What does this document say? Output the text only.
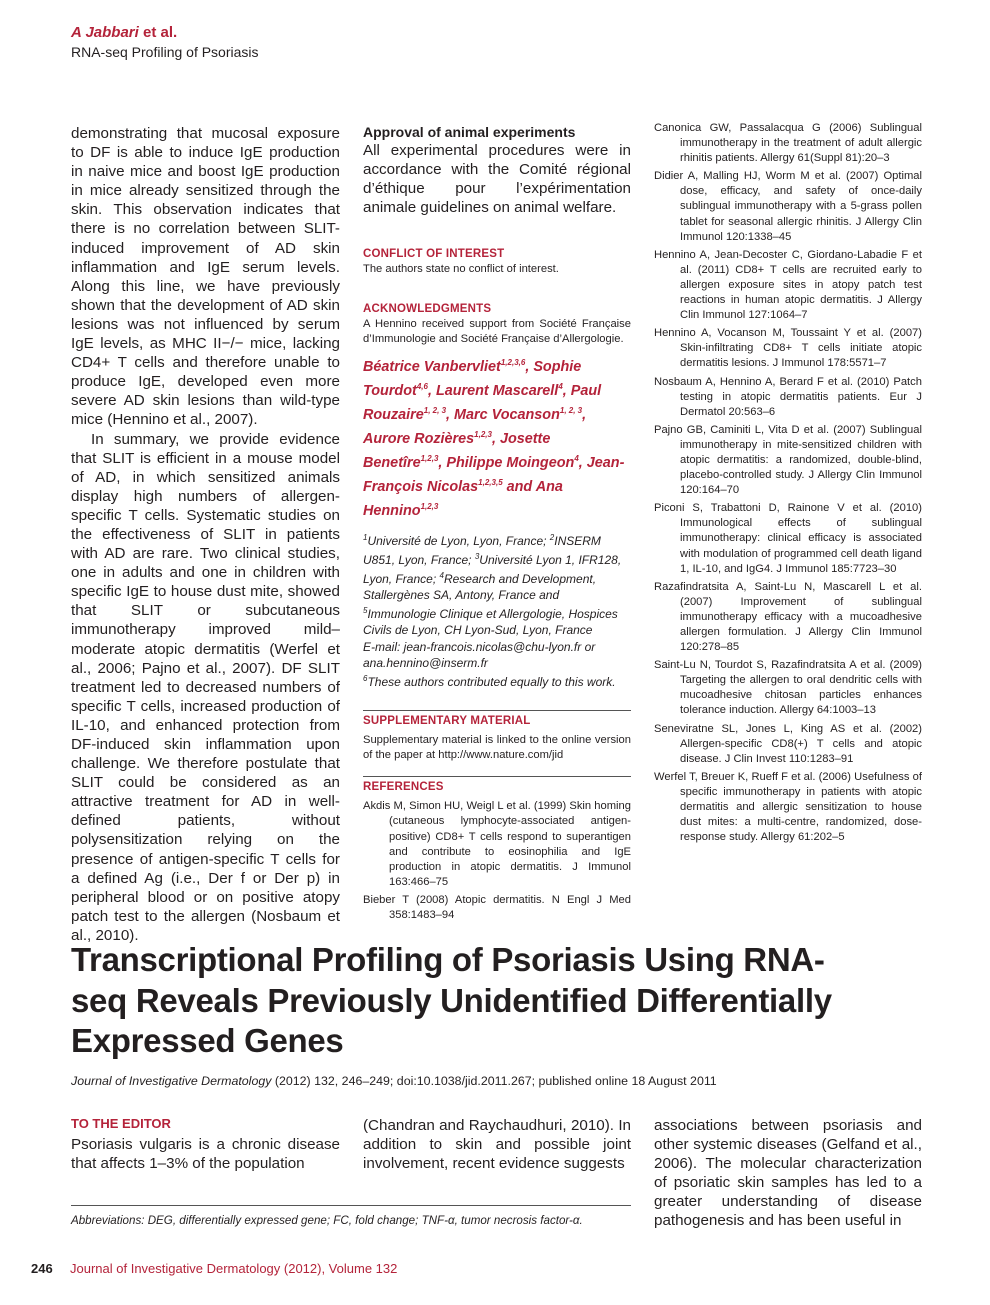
A Jabbari et al.
RNA-seq Profiling of Psoriasis

demonstrating that mucosal exposure to DF is able to induce IgE production in naive mice and boost IgE production in mice already sensitized through the skin. This observation indicates that there is no correlation between SLIT-induced improvement of AD skin inflammation and IgE serum levels. Along this line, we have previously shown that the development of AD skin lesions was not influenced by serum IgE levels, as MHC II−/− mice, lacking CD4+ T cells and therefore unable to produce IgE, developed even more severe AD skin lesions than wild-type mice (Hennino et al., 2007).

In summary, we provide evidence that SLIT is efficient in a mouse model of AD, in which sensitized animals display high numbers of allergen-specific T cells. Systematic studies on the effectiveness of SLIT in patients with AD are rare. Two clinical studies, one in adults and one in children with specific IgE to house dust mite, showed that SLIT or subcutaneous immunotherapy improved mild–moderate atopic dermatitis (Werfel et al., 2006; Pajno et al., 2007). DF SLIT treatment led to decreased numbers of specific T cells, increased production of IL-10, and enhanced protection from DF-induced skin inflammation upon challenge. We therefore postulate that SLIT could be considered as an attractive treatment for AD in well-defined patients, without polysensitization relying on the presence of antigen-specific T cells for a defined Ag (i.e., Der f or Der p) in peripheral blood or on positive atopy patch test to the allergen (Nosbaum et al., 2010).

Approval of animal experiments
All experimental procedures were in accordance with the Comité régional d’éthique pour l’expérimentation animale guidelines on animal welfare.
CONFLICT OF INTEREST
The authors state no conflict of interest.
ACKNOWLEDGMENTS
A Hennino received support from Société Française d’Immunologie and Société Française d’Allergologie.
Béatrice Vanbervliet$^{1,2,3,6}$, Sophie Tourdot$^{4,6}$, Laurent Mascarell$^4$, Paul Rouzaire$^{1, 2, 3}$, Marc Vocanson$^{1, 2, 3}$, Aurore Rozières$^{1,2,3}$, Josette Benetîre$^{1,2,3}$, Philippe Moingeon$^4$, Jean-François Nicolas$^{1,2,3,5}$ and Ana Hennino$^{1,2,3}$
$^1$Université de Lyon, Lyon, France; $^2$INSERM U851, Lyon, France; $^3$Université Lyon 1, IFR128, Lyon, France; $^4$Research and Development, Stallergènes SA, Antony, France and $^5$Immunologie Clinique et Allergologie, Hospices Civils de Lyon, CH Lyon-Sud, Lyon, France
E-mail: jean-francois.nicolas@chu-lyon.fr or ana.hennino@inserm.fr
$^6$These authors contributed equally to this work.
SUPPLEMENTARY MATERIAL
Supplementary material is linked to the online version of the paper at http://www.nature.com/jid
REFERENCES

Akdis M, Simon HU, Weigl L et al. (1999) Skin homing (cutaneous lymphocyte-associated antigen-positive) CD8+ T cells respond to superantigen and contribute to eosinophilia and IgE production in atopic dermatitis. J Immunol 163:466–75

Bieber T (2008) Atopic dermatitis. N Engl J Med 358:1483–94

Canonica GW, Passalacqua G (2006) Sublingual immunotherapy in the treatment of adult allergic rhinitis patients. Allergy 61(Suppl 81):20–3

Didier A, Malling HJ, Worm M et al. (2007) Optimal dose, efficacy, and safety of once-daily sublingual immunotherapy with a 5-grass pollen tablet for seasonal allergic rhinitis. J Allergy Clin Immunol 120:1338–45

Hennino A, Jean-Decoster C, Giordano-Labadie F et al. (2011) CD8+ T cells are recruited early to allergen exposure sites in atopy patch test reactions in human atopic dermatitis. J Allergy Clin Immunol 127:1064–7

Hennino A, Vocanson M, Toussaint Y et al. (2007) Skin-infiltrating CD8+ T cells initiate atopic dermatitis lesions. J Immunol 178:5571–7

Nosbaum A, Hennino A, Berard F et al. (2010) Patch testing in atopic dermatitis patients. Eur J Dermatol 20:563–6

Pajno GB, Caminiti L, Vita D et al. (2007) Sublingual immunotherapy in mite-sensitized children with atopic dermatitis: a randomized, double-blind, placebo-controlled study. J Allergy Clin Immunol 120:164–70

Piconi S, Trabattoni D, Rainone V et al. (2010) Immunological effects of sublingual immunotherapy: clinical efficacy is associated with modulation of programmed cell death ligand 1, IL-10, and IgG4. J Immunol 185:7723–30

Razafindratsita A, Saint-Lu N, Mascarell L et al. (2007) Improvement of sublingual immunotherapy efficacy with a mucoadhesive allergen formulation. J Allergy Clin Immunol 120:278–85

Saint-Lu N, Tourdot S, Razafindratsita A et al. (2009) Targeting the allergen to oral dendritic cells with mucoadhesive chitosan particles enhances tolerance induction. Allergy 64:1003–13

Seneviratne SL, Jones L, King AS et al. (2002) Allergen-specific CD8(+) T cells and atopic disease. J Clin Invest 110:1283–91

Werfel T, Breuer K, Rueff F et al. (2006) Usefulness of specific immunotherapy in patients with atopic dermatitis and allergic sensitization to house dust mites: a multi-centre, randomized, dose-response study. Allergy 61:202–5

Transcriptional Profiling of Psoriasis Using RNA-seq Reveals Previously Unidentified Differentially Expressed Genes
Journal of Investigative Dermatology (2012) 132, 246–249; doi:10.1038/jid.2011.267; published online 18 August 2011
TO THE EDITOR
Psoriasis vulgaris is a chronic disease that affects 1–3% of the population
(Chandran and Raychaudhuri, 2010). In addition to skin and possible joint involvement, recent evidence suggests
associations between psoriasis and other systemic diseases (Gelfand et al., 2006). The molecular characterization of psoriatic skin samples has led to a greater understanding of disease pathogenesis and has been useful in
Abbreviations: DEG, differentially expressed gene; FC, fold change; TNF-α, tumor necrosis factor-α.
246 Journal of Investigative Dermatology (2012), Volume 132
